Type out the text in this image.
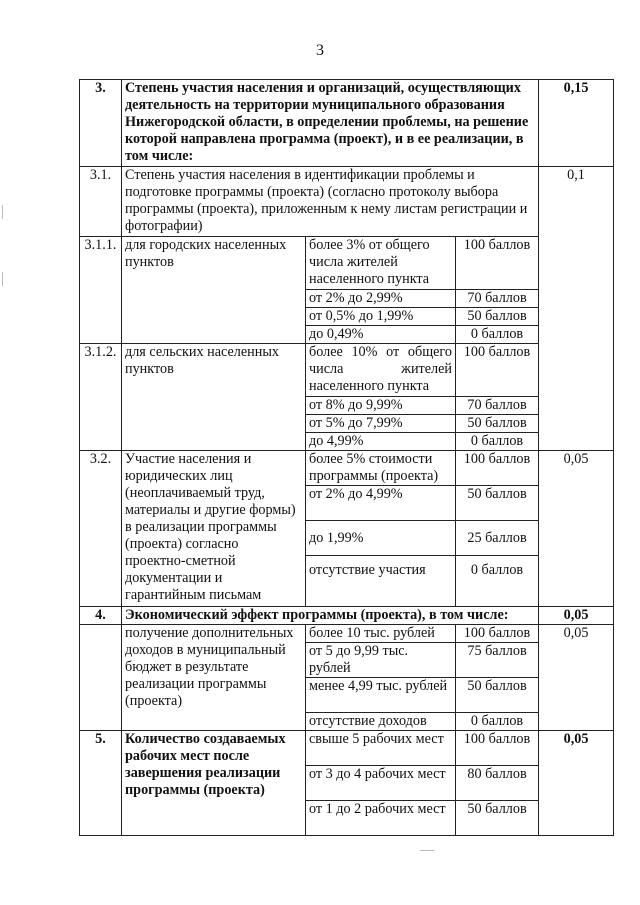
3
3.	Степень участия населения и организаций, осуществляющих деятельность на территории муниципального образования Нижегородской области, в определении проблемы, на решение которой направлена программа (проект), и в ее реализации, в том числе:			0,15
3.1.	Степень участия населения в идентификации проблемы и подготовке программы (проекта) (согласно протоколу выбора программы (проекта), приложенным к нему листам регистрации и фотографии)			0,1
3.1.1.	для городских населенных пунктов	более 3% от общего числа жителей населенного пункта	100 баллов	
		от 2% до 2,99%	70 баллов	
		от 0,5% до 1,99%	50 баллов	
		до 0,49%	0 баллов	
3.1.2.	для сельских населенных пунктов	более 10% от общего числа жителей населенного пункта	100 баллов	
		от 8% до 9,99%	70 баллов	
		от 5% до 7,99%	50 баллов	
		до 4,99%	0 баллов	
3.2.	Участие населения и юридических лиц (неоплачиваемый труд, материалы и другие формы) в реализации программы (проекта) согласно проектно-сметной документации и гарантийным письмам	более 5% стоимости программы (проекта)	100 баллов	0,05
		от 2% до 4,99%	50 баллов	
		до 1,99%	25 баллов	
		отсутствие участия	0 баллов	
4.	Экономический эффект программы (проекта), в том числе:			0,05
	получение дополнительных доходов в муниципальный бюджет в результате реализации программы (проекта)	более 10 тыс. рублей	100 баллов	0,05
		от 5 до 9,99 тыс. рублей	75 баллов	
		менее 4,99 тыс. рублей	50 баллов	
		отсутствие доходов	0 баллов	
5.	Количество создаваемых рабочих мест после завершения реализации программы (проекта)	свыше 5 рабочих мест	100 баллов	0,05
		от 3 до 4 рабочих мест	80 баллов	
		от 1 до 2 рабочих мест	50 баллов	
